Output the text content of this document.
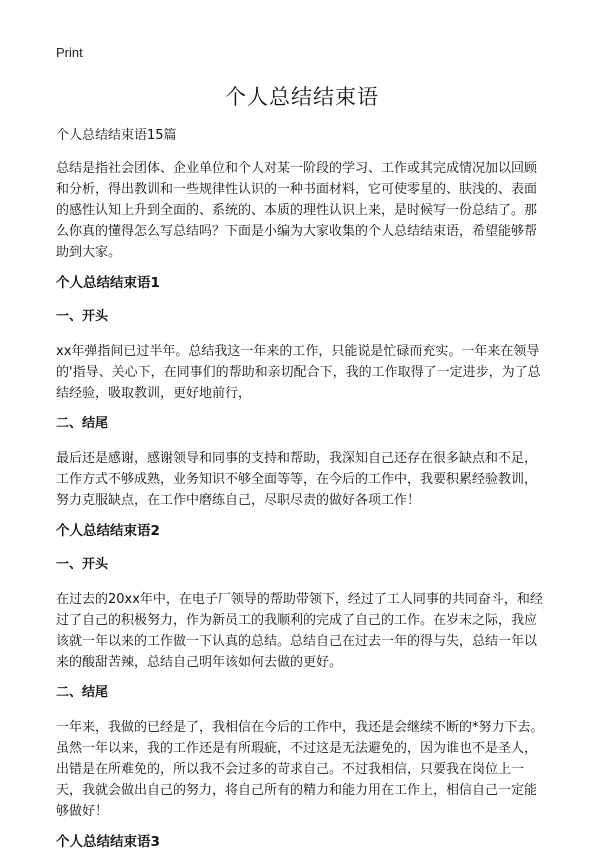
Print
个人总结结束语
个人总结结束语15篇

总结是指社会团体、企业单位和个人对某一阶段的学习、工作或其完成情况加以回顾和分析，得出教训和一些规律性认识的一种书面材料，它可使零星的、肤浅的、表面的感性认知上升到全面的、系统的、本质的理性认识上来，是时候写一份总结了。那么你真的懂得怎么写总结吗？下面是小编为大家收集的个人总结结束语，希望能够帮助到大家。

个人总结结束语1
一、开头

xx年弹指间已过半年。总结我这一年来的工作，只能说是忙碌而充实。一年来在领导的'指导、关心下，在同事们的帮助和亲切配合下，我的工作取得了一定进步，为了总结经验，吸取教训，更好地前行，

二、结尾

最后还是感谢，感谢领导和同事的支持和帮助，我深知自己还存在很多缺点和不足，工作方式不够成熟，业务知识不够全面等等，在今后的工作中，我要积累经验教训，努力克服缺点，在工作中磨练自己，尽职尽责的做好各项工作！

个人总结结束语2
一、开头

在过去的20xx年中，在电子厂领导的帮助带领下，经过了工人同事的共同奋斗，和经过了自己的积极努力，作为新员工的我顺利的完成了自己的工作。在岁末之际，我应该就一年以来的工作做一下认真的总结。总结自己在过去一年的得与失，总结一年以来的酸甜苦辣，总结自己明年该如何去做的更好。

二、结尾

一年来，我做的已经是了，我相信在今后的工作中，我还是会继续不断的*努力下去。虽然一年以来，我的工作还是有所瑕疵，不过这是无法避免的，因为谁也不是圣人，出错是在所难免的，所以我不会过多的苛求自己。不过我相信，只要我在岗位上一天，我就会做出自己的努力，将自己所有的精力和能力用在工作上，相信自己一定能够做好！

个人总结结束语3
